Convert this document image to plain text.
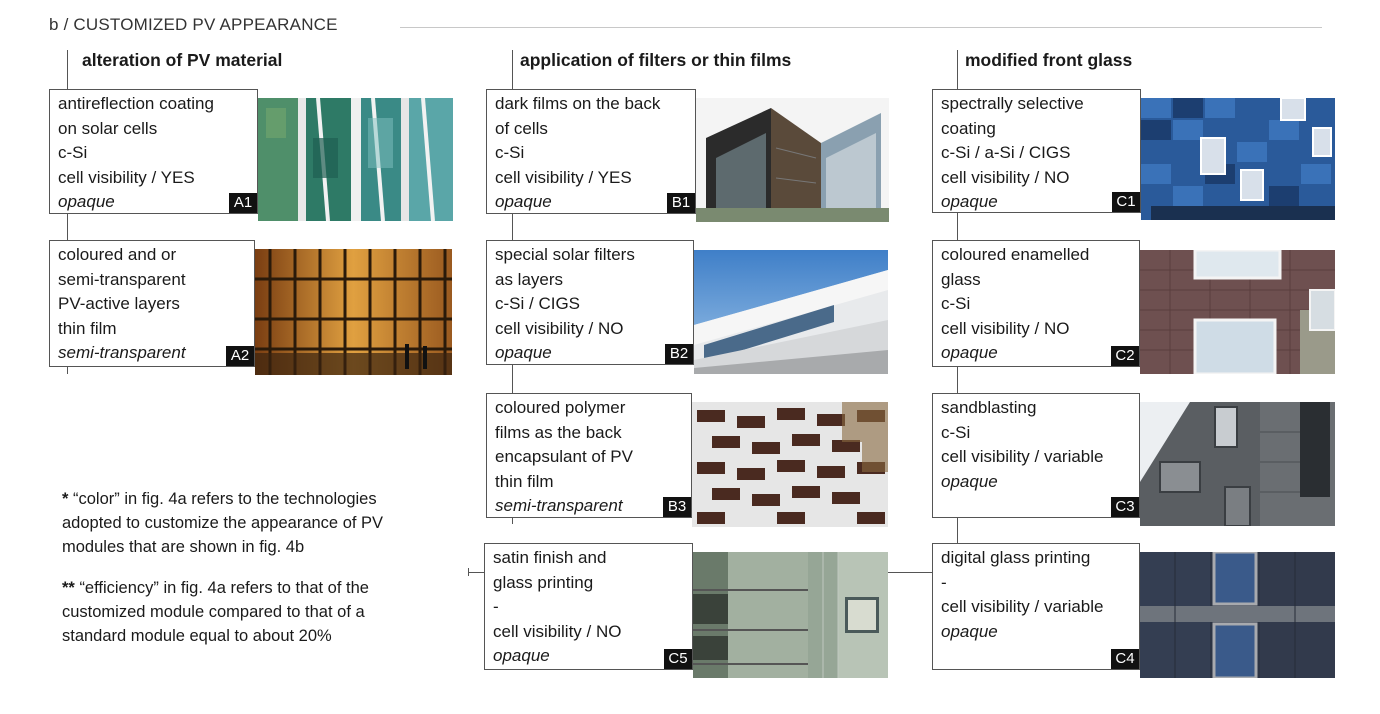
b / CUSTOMIZED PV APPEARANCE
alteration of PV material	application of filters or thin films	modified front glass
antireflection coating
on solar cells
c-Si
cell visibility / YES
opaque	A1
coloured and or
semi-transparent
PV-active layers
thin film
semi-transparent	A2
dark films on the back
of cells
c-Si
cell visibility / YES
opaque	B1
special solar filters
as layers
c-Si / CIGS
cell visibility / NO
opaque	B2
coloured polymer
films as the back
encapsulant of PV
thin film
semi-transparent	B3
satin finish and
glass printing
-
cell visibility / NO
opaque	C5
spectrally selective
coating
c-Si / a-Si / CIGS
cell visibility / NO
opaque	C1
coloured enamelled
glass
c-Si
cell visibility / NO
opaque	C2
sandblasting
c-Si
cell visibility / variable
opaque
C3
digital glass printing
-
cell visibility / variable
opaque
C4
* “color” in fig. 4a refers to the technologies
adopted to customize the appearance of PV
modules that are shown in fig. 4b
** “efficiency” in fig. 4a refers to that of the
customized module compared to that of a
standard module equal to about 20%
